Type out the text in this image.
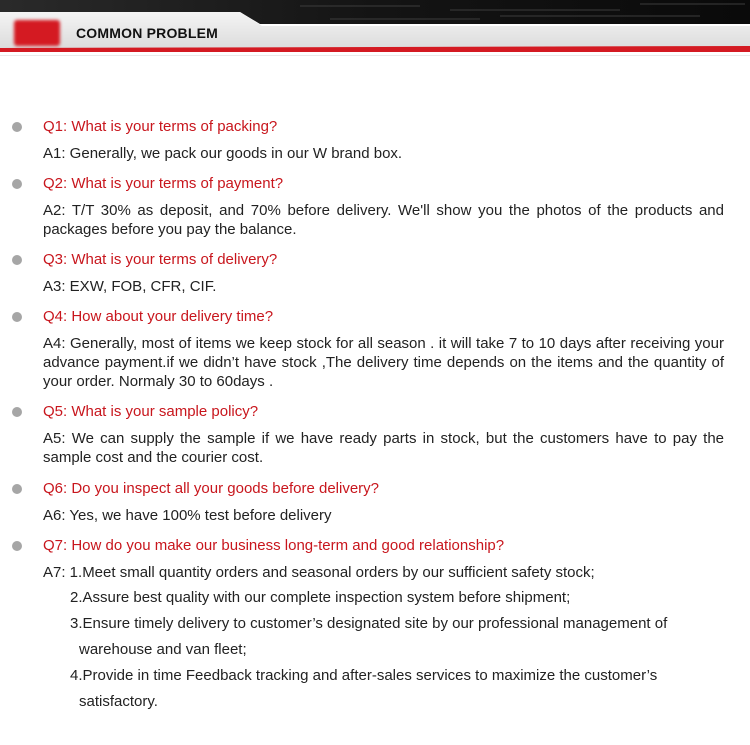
COMMON PROBLEM
Q1: What is your terms of packing?
A1: Generally, we pack our goods in our W brand box.
Q2: What is your terms of payment?
A2: T/T 30% as deposit, and 70% before delivery. We'll show you the photos of the products and packages before you pay the balance.
Q3: What is your terms of delivery?
A3: EXW, FOB, CFR, CIF.
Q4: How about your delivery time?
A4: Generally, most of items we keep stock for all season . it will take 7 to 10 days after receiving your advance payment.if we didn’t have stock ,The delivery time depends on the items and the quantity of your order. Normaly 30 to 60days .
Q5: What is your sample policy?
A5: We can supply the sample if we have ready parts in stock, but the customers have to pay the sample cost and the courier cost.
Q6: Do you inspect all your goods before delivery?
A6: Yes, we have 100% test before delivery
Q7: How do you make our business long-term and good relationship?
A7: 1.Meet small quantity orders and seasonal orders by our sufficient safety stock;
2.Assure best quality with our complete inspection system before shipment;
3.Ensure timely delivery to customer’s designated site by our professional management of
warehouse and van fleet;
4.Provide in time Feedback tracking and after-sales services to maximize the customer’s
satisfactory.
